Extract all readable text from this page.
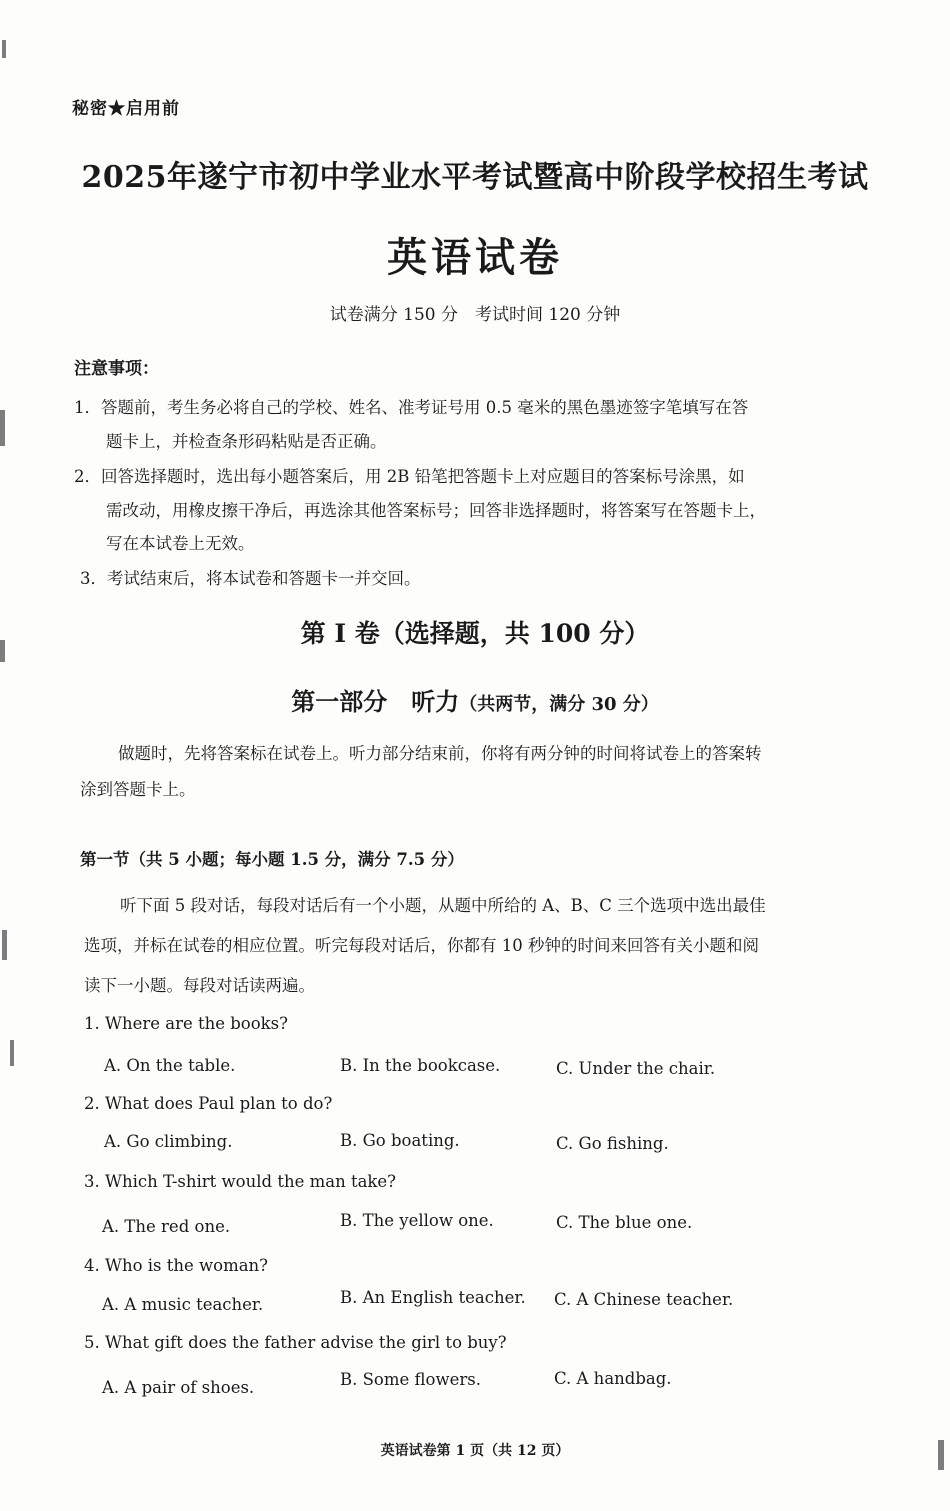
秘密★启用前
2025年遂宁市初中学业水平考试暨高中阶段学校招生考试
英语试卷
试卷满分 150 分　考试时间 120 分钟
注意事项：
1．答题前，考生务必将自己的学校、姓名、准考证号用 0.5 毫米的黑色墨迹签字笔填写在答
题卡上，并检查条形码粘贴是否正确。
2．回答选择题时，选出每小题答案后，用 2B 铅笔把答题卡上对应题目的答案标号涂黑，如
需改动，用橡皮擦干净后，再选涂其他答案标号；回答非选择题时，将答案写在答题卡上，
写在本试卷上无效。
3．考试结束后，将本试卷和答题卡一并交回。
第 I 卷（选择题，共 100 分）
第一部分　听力（共两节，满分 30 分）
做题时，先将答案标在试卷上。听力部分结束前，你将有两分钟的时间将试卷上的答案转
涂到答题卡上。
第一节（共 5 小题；每小题 1.5 分，满分 7.5 分）
听下面 5 段对话，每段对话后有一个小题，从题中所给的 A、B、C 三个选项中选出最佳
选项，并标在试卷的相应位置。听完每段对话后，你都有 10 秒钟的时间来回答有关小题和阅
读下一小题。每段对话读两遍。
1. Where are the books?
A. On the table.	B. In the bookcase.	C. Under the chair.
2. What does Paul plan to do?
A. Go climbing.	B. Go boating.	C. Go fishing.
3. Which T-shirt would the man take?
A. The red one.	B. The yellow one.	C. The blue one.
4. Who is the woman?
A. A music teacher.	B. An English teacher. C. A Chinese teacher.
5. What gift does the father advise the girl to buy?
A. A pair of shoes.	B. Some flowers.	C. A handbag.
英语试卷第 1 页（共 12 页）
